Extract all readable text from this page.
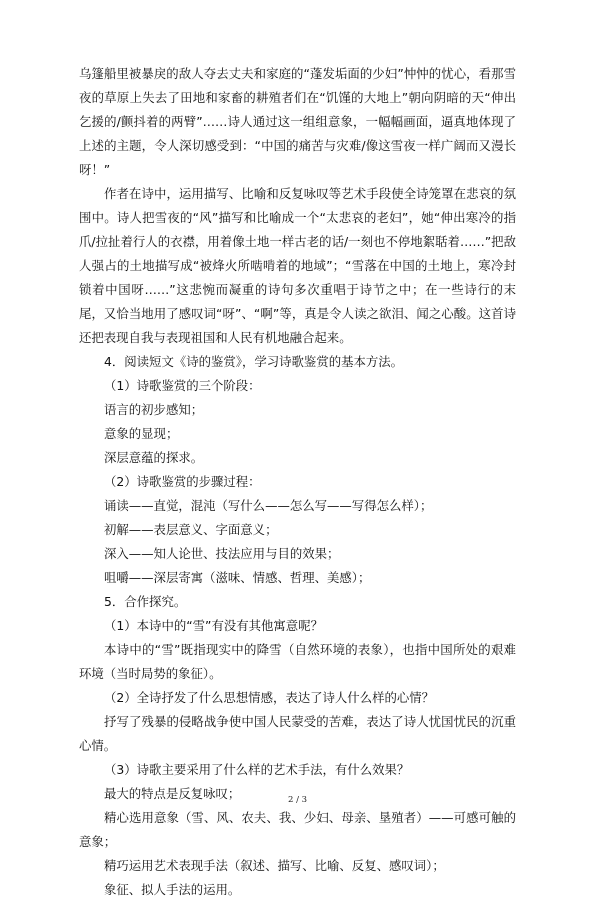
乌篷船里被暴戾的敌人夺去丈夫和家庭的“蓬发垢面的少妇”忡忡的忧心，看那雪夜的草原上失去了田地和家畜的耕殖者们在“饥馑的大地上”朝向阴暗的天“伸出乞援的/颤抖着的两臂”……诗人通过这一组组意象，一幅幅画面，逼真地体现了上述的主题，令人深切感受到：“中国的痛苦与灾难/像这雪夜一样广阔而又漫长呀！”

作者在诗中，运用描写、比喻和反复咏叹等艺术手段使全诗笼罩在悲哀的氛围中。诗人把雪夜的“风”描写和比喻成一个“太悲哀的老妇”，她“伸出寒冷的指爪/拉扯着行人的衣襟，用着像土地一样古老的话/一刻也不停地絮聒着……”把敌人强占的土地描写成“被烽火所啮啃着的地域”；“雪落在中国的土地上，寒冷封锁着中国呀……”这悲惋而凝重的诗句多次重唱于诗节之中；在一些诗行的末尾，又恰当地用了感叹词“呀”、“啊”等，真是令人读之欲泪、闻之心酸。这首诗还把表现自我与表现祖国和人民有机地融合起来。

4．阅读短文《诗的鉴赏》，学习诗歌鉴赏的基本方法。

（1）诗歌鉴赏的三个阶段：

语言的初步感知；

意象的显现；

深层意蕴的探求。

（2）诗歌鉴赏的步骤过程：

诵读——直觉，混沌（写什么——怎么写——写得怎么样）；

初解——表层意义、字面意义；

深入——知人论世、技法应用与目的效果；

咀嚼——深层寄寓（滋味、情感、哲理、美感）；

5．合作探究。

（1）本诗中的“雪”有没有其他寓意呢？

本诗中的“雪”既指现实中的降雪（自然环境的表象），也指中国所处的艰难环境（当时局势的象征）。

（2）全诗抒发了什么思想情感，表达了诗人什么样的心情？

抒写了残暴的侵略战争使中国人民蒙受的苦难，表达了诗人忧国忧民的沉重心情。

（3）诗歌主要采用了什么样的艺术手法，有什么效果？

最大的特点是反复咏叹；

精心选用意象（雪、风、农夫、我、少妇、母亲、垦殖者）——可感可触的意象；

精巧运用艺术表现手法（叙述、描写、比喻、反复、感叹词）；

象征、拟人手法的运用。

2 / 3
